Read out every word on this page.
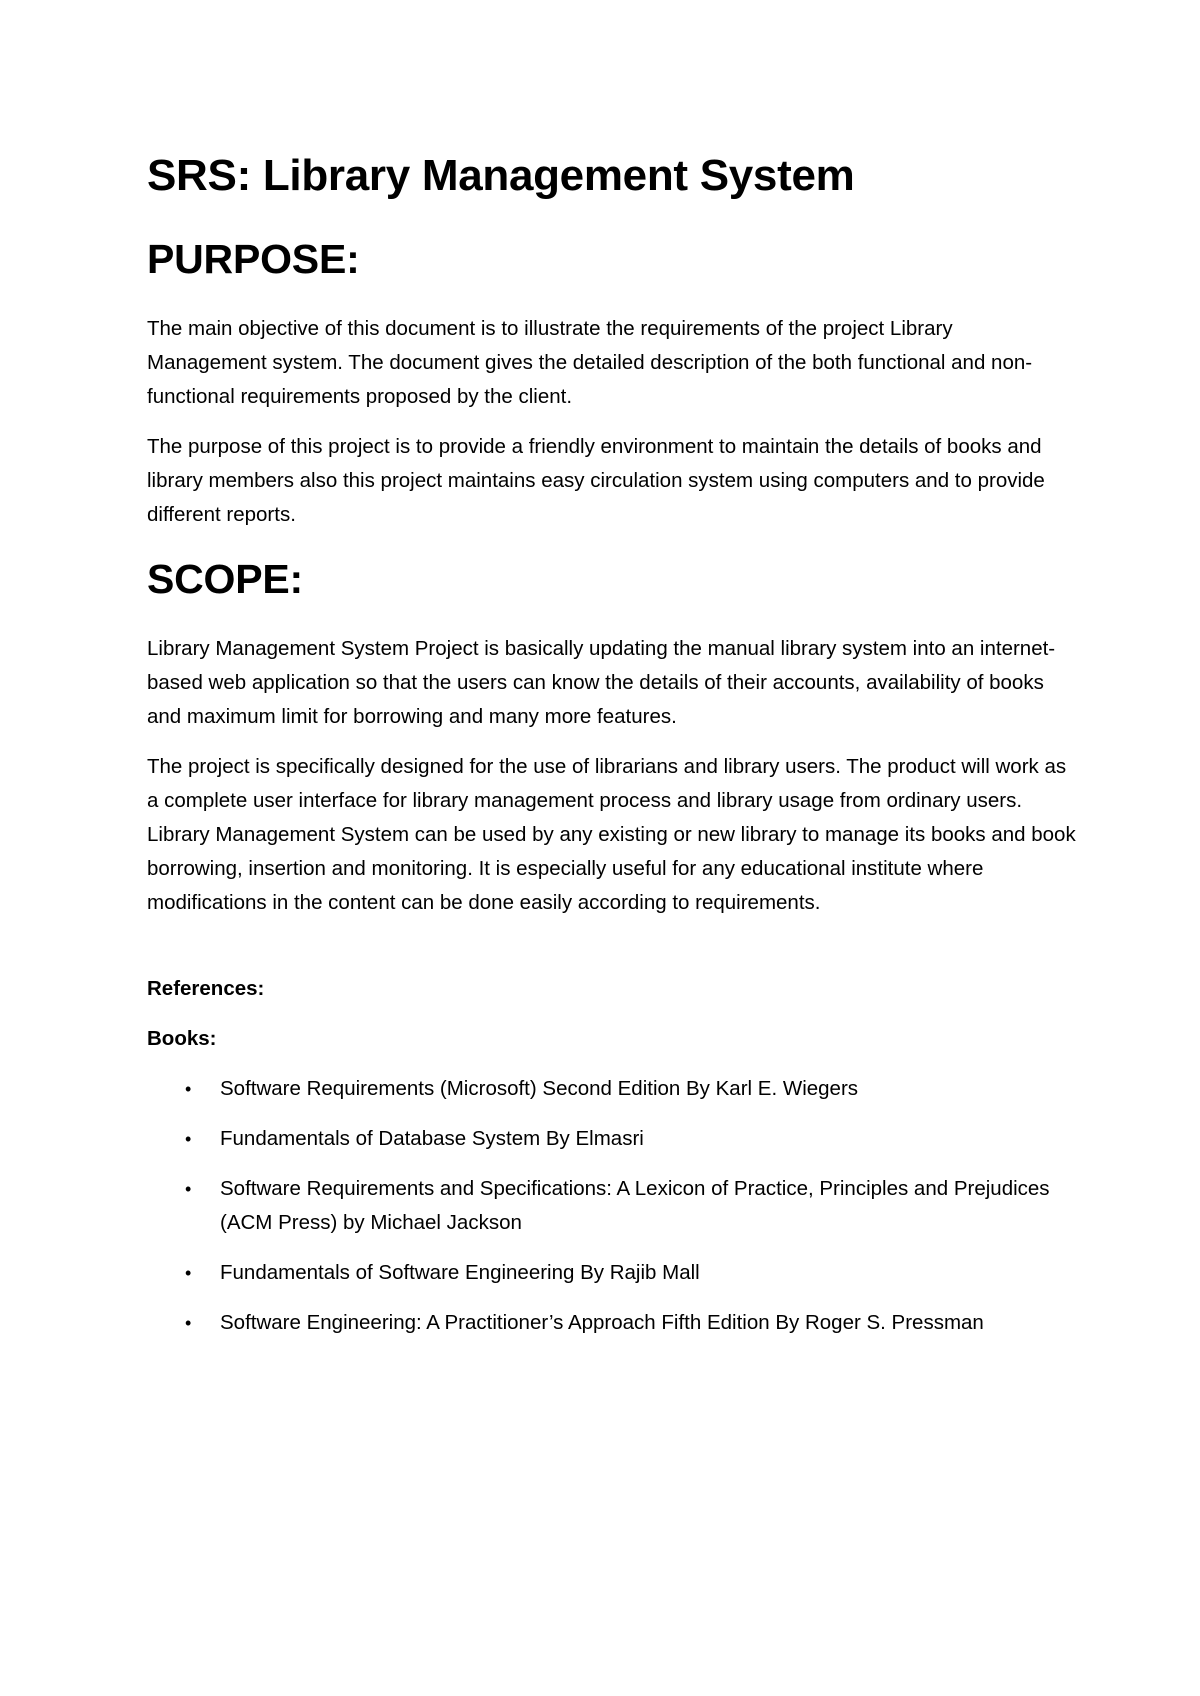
SRS: Library Management System
PURPOSE:

The main objective of this document is to illustrate the requirements of the project Library Management system. The document gives the detailed description of the both functional and non-functional requirements proposed by the client.

The purpose of this project is to provide a friendly environment to maintain the details of books and library members also this project maintains easy circulation system using computers and to provide different reports.

SCOPE:

Library Management System Project is basically updating the manual library system into an internet-based web application so that the users can know the details of their accounts, availability of books and maximum limit for borrowing and many more features.

The project is specifically designed for the use of librarians and library users. The product will work as a complete user interface for library management process and library usage from ordinary users. Library Management System can be used by any existing or new library to manage its books and book borrowing, insertion and monitoring. It is especially useful for any educational institute where modifications in the content can be done easily according to requirements.

References:

Books:

• Software Requirements (Microsoft) Second Edition By Karl E. Wiegers
• Fundamentals of Database System By Elmasri
• Software Requirements and Specifications: A Lexicon of Practice, Principles and Prejudices (ACM Press) by Michael Jackson
• Fundamentals of Software Engineering By Rajib Mall
• Software Engineering: A Practitioner’s Approach Fifth Edition By Roger S. Pressman
